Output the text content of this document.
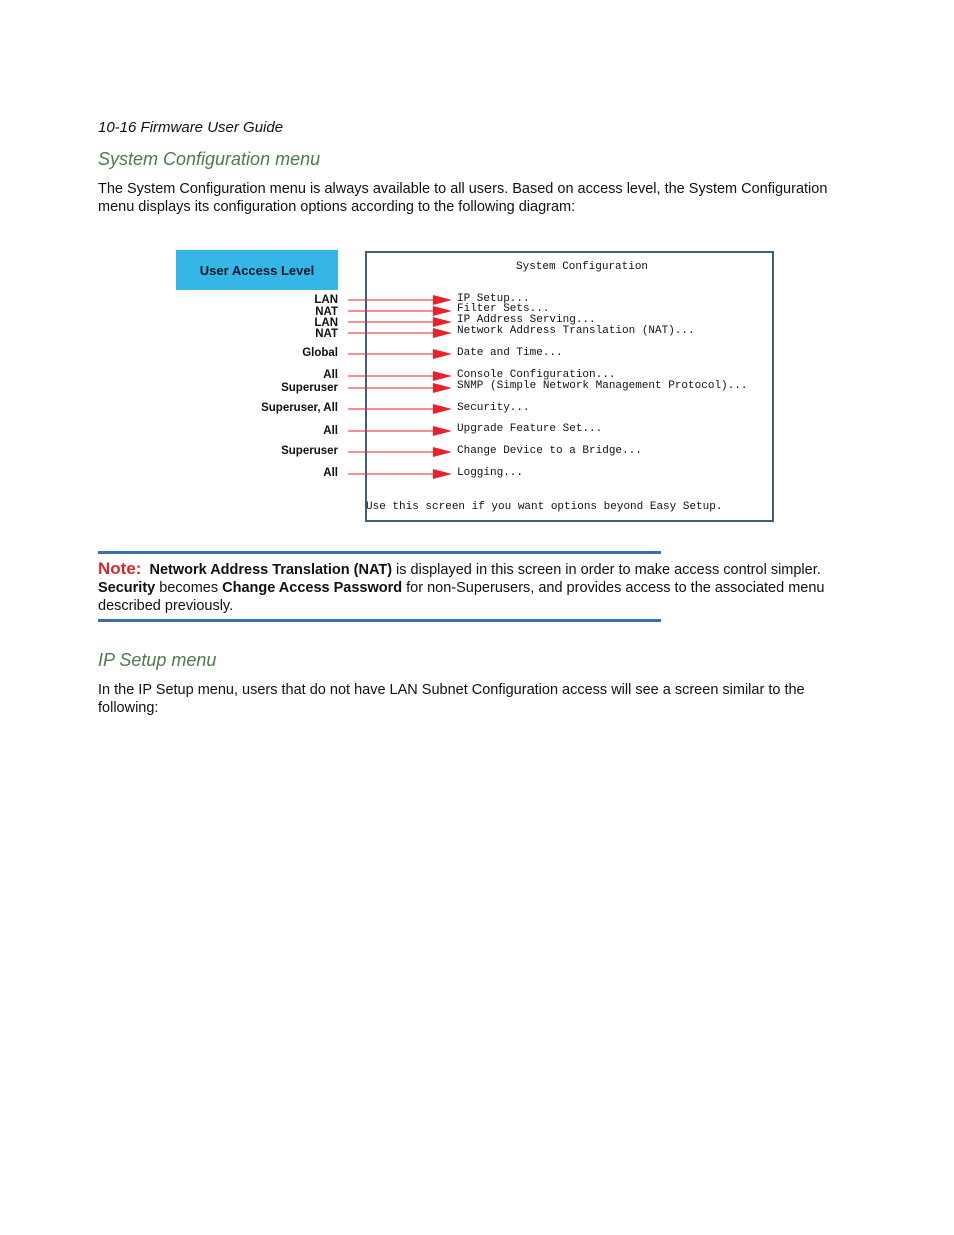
10-16 Firmware User Guide
System Configuration menu
The System Configuration menu is always available to all users. Based on access level, the System Configuration menu displays its configuration options according to the following diagram:
User Access Level	System Configuration
Use this screen if you want options beyond Easy Setup.
LAN
NAT
LAN
NAT
Global
All
Superuser
Superuser, All
All
Superuser
All
IP Setup...
Filter Sets...
IP Address Serving...
Network Address Translation (NAT)...
Date and Time...
Console Configuration...
SNMP (Simple Network Management Protocol)...
Security...
Upgrade Feature Set...
Change Device to a Bridge...
Logging...
Note: Network Address Translation (NAT) is displayed in this screen in order to make access control simpler. Security becomes Change Access Password for non-Superusers, and provides access to the associated menu described previously.
IP Setup menu
In the IP Setup menu, users that do not have LAN Subnet Configuration access will see a screen similar to the following:
